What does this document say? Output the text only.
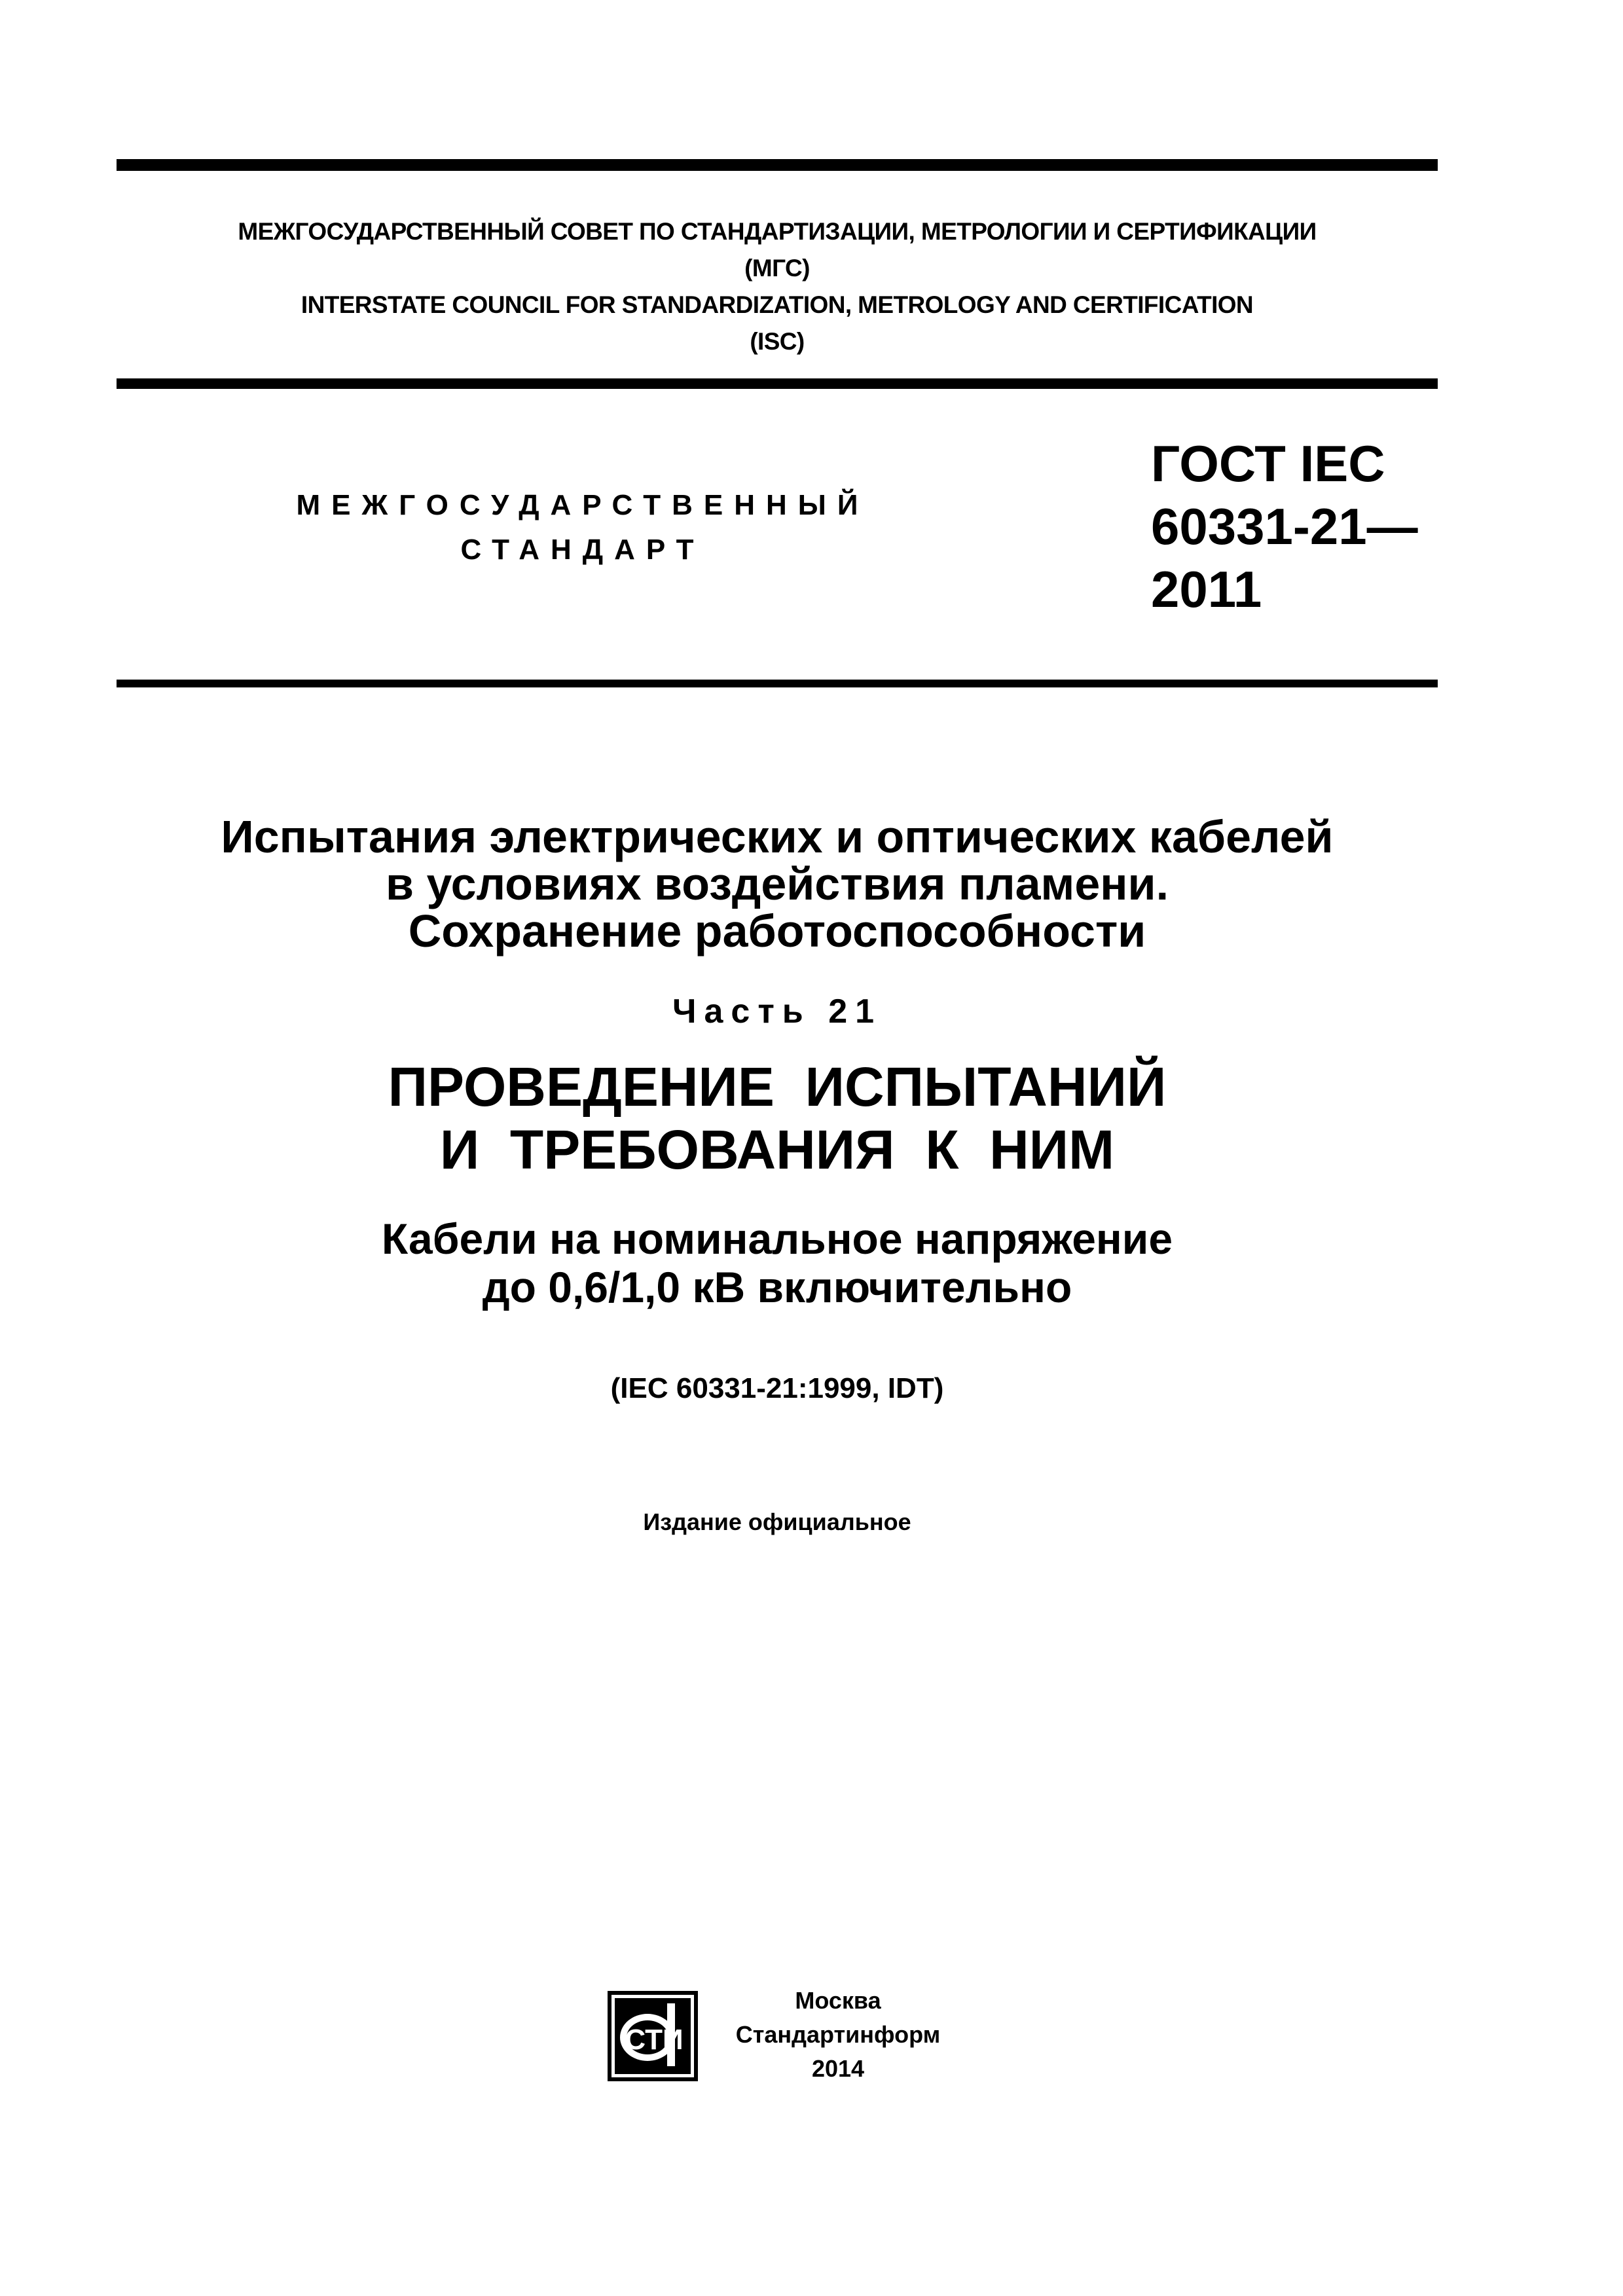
МЕЖГОСУДАРСТВЕННЫЙ СОВЕТ ПО СТАНДАРТИЗАЦИИ, МЕТРОЛОГИИ И СЕРТИФИКАЦИИ
(МГС)
INTERSTATE COUNCIL FOR STANDARDIZATION, METROLOGY AND CERTIFICATION
(ISC)
МЕЖГОСУДАРСТВЕННЫЙ
СТАНДАРТ
ГОСТ IEC
60331-21—
2011
Испытания электрических и оптических кабелей
в условиях воздействия пламени.
Сохранение работоспособности
Часть 21
ПРОВЕДЕНИЕ  ИСПЫТАНИЙ
И  ТРЕБОВАНИЯ  К  НИМ
Кабели на номинальное напряжение
до 0,6/1,0 кВ включительно
(IEC 60331-21:1999, IDT)
Издание официальное
СТИ
Москва
Стандартинформ
2014
